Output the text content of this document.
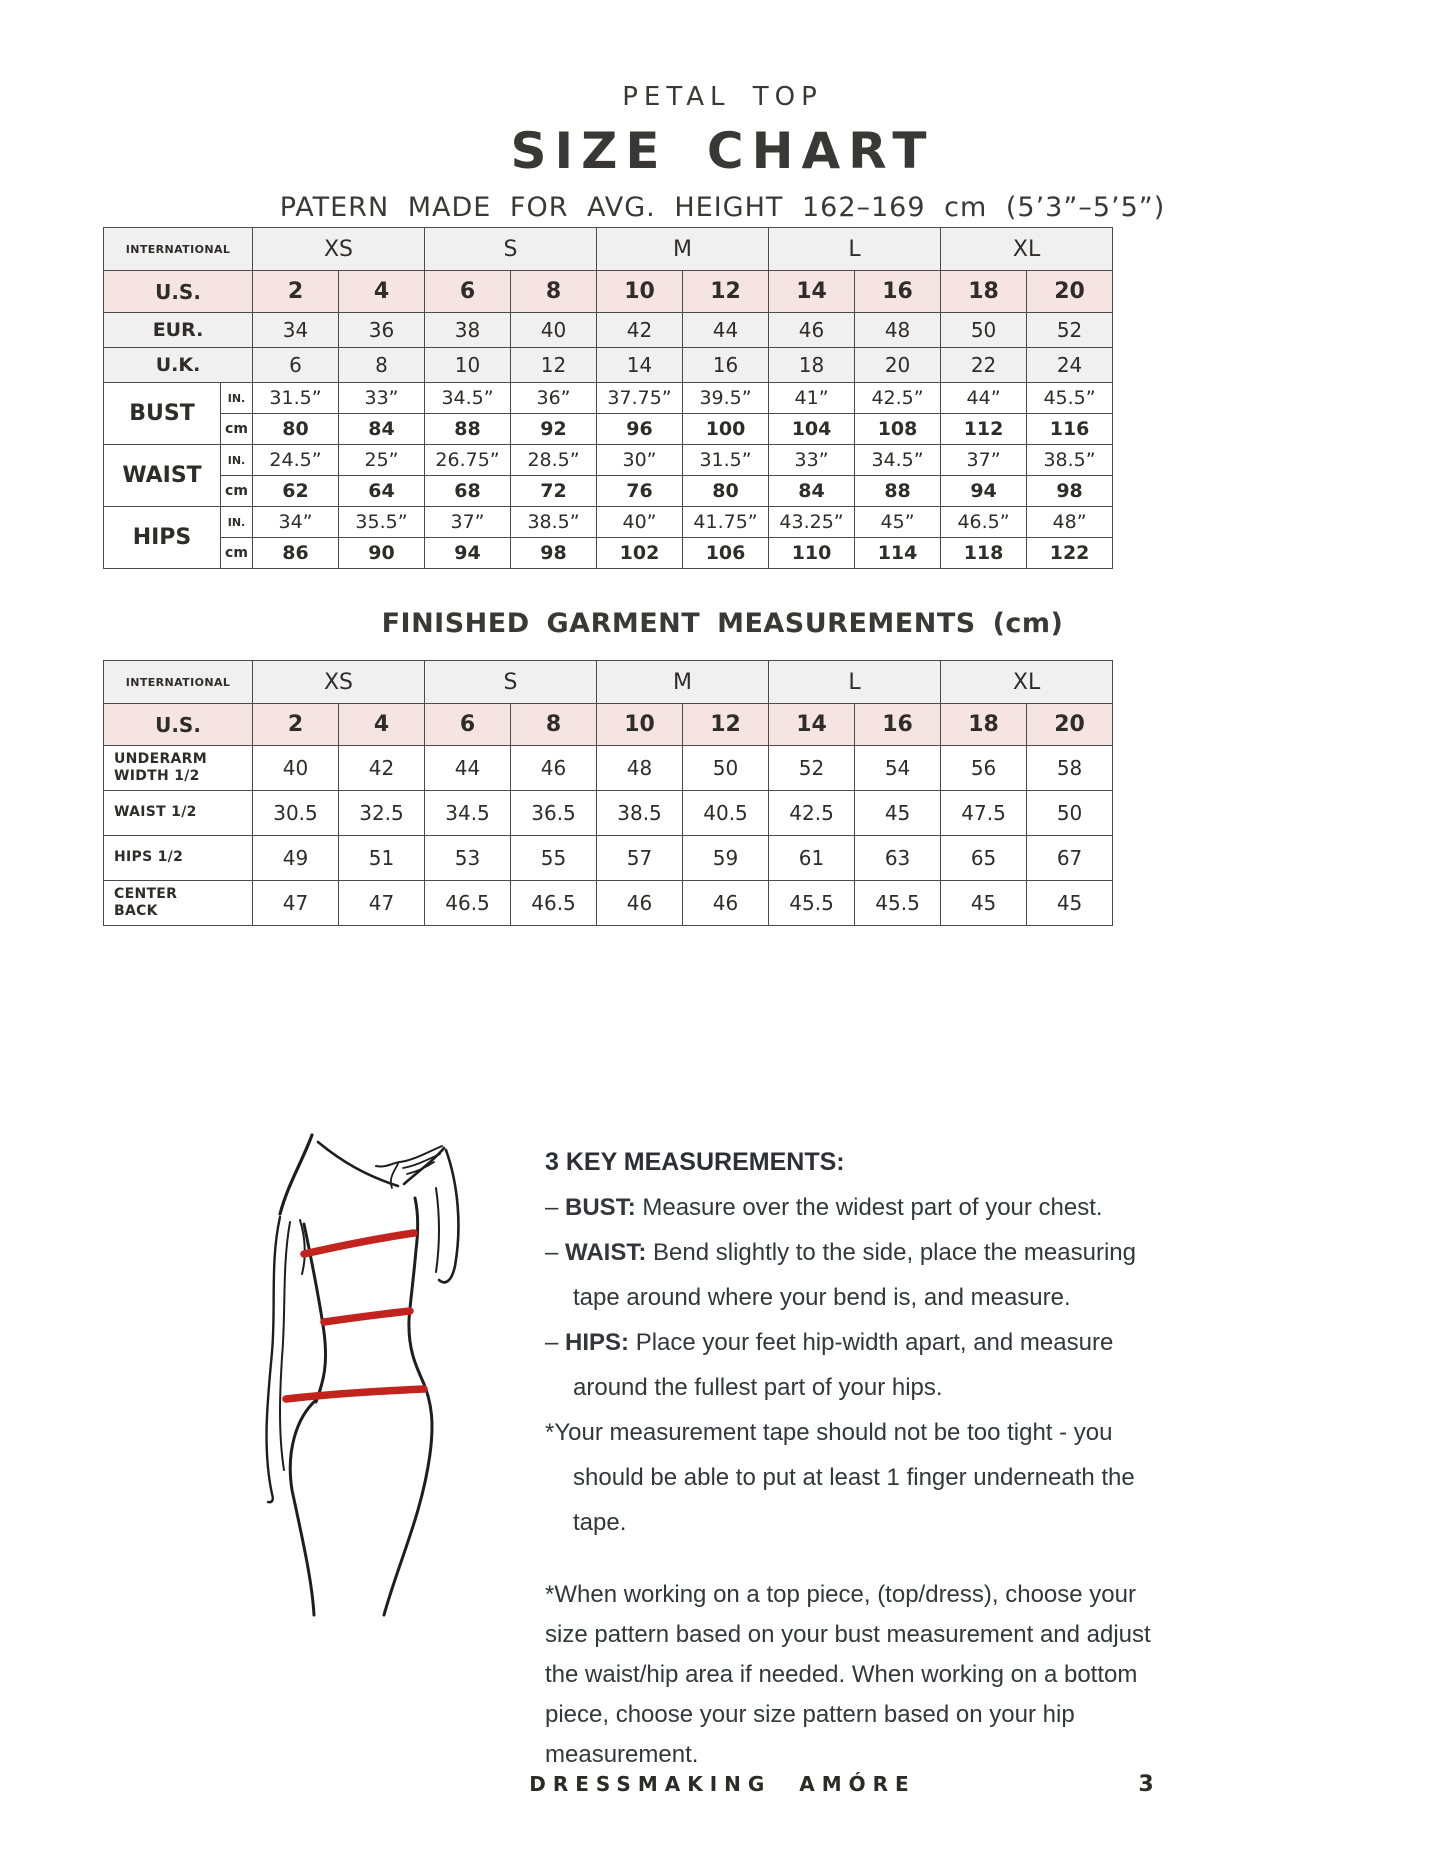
PETAL TOP
SIZE CHART
PATERN MADE FOR AVG. HEIGHT 162–169 cm (5’3”–5’5”)
INTERNATIONAL		XS		S		M		L		XL	
U.S.		2	4	6	8	10	12	14	16	18	20
EUR.		34	36	38	40	42	44	46	48	50	52
U.K.		6	8	10	12	14	16	18	20	22	24
BUST	IN.	31.5”	33”	34.5”	36”	37.75”	39.5”	41”	42.5”	44”	45.5”
	cm	80	84	88	92	96	100	104	108	112	116
WAIST	IN.	24.5”	25”	26.75”	28.5”	30”	31.5”	33”	34.5”	37”	38.5”
	cm	62	64	68	72	76	80	84	88	94	98
HIPS	IN.	34”	35.5”	37”	38.5”	40”	41.75”	43.25”	45”	46.5”	48”
	cm	86	90	94	98	102	106	110	114	118	122
FINISHED GARMENT MEASUREMENTS (cm)
INTERNATIONAL	XS		S		M		L		XL	
U.S.	2	4	6	8	10	12	14	16	18	20
UNDERARM WIDTH 1/2	40	42	44	46	48	50	52	54	56	58
WAIST 1/2	30.5	32.5	34.5	36.5	38.5	40.5	42.5	45	47.5	50
HIPS 1/2	49	51	53	55	57	59	61	63	65	67
CENTER BACK	47	47	46.5	46.5	46	46	45.5	45.5	45	45
3 KEY MEASUREMENTS:
– BUST: Measure over the widest part of your chest.
– WAIST: Bend slightly to the side, place the measuring tape around where your bend is, and measure.
– HIPS: Place your feet hip-width apart, and measure around the fullest part of your hips.
*Your measurement tape should not be too tight - you should be able to put at least 1 finger underneath the tape.
*When working on a top piece, (top/dress), choose your size pattern based on your bust measurement and adjust the waist/hip area if needed. When working on a bottom piece, choose your size pattern based on your hip measurement.
DRESSMAKING AMÓRE	3
